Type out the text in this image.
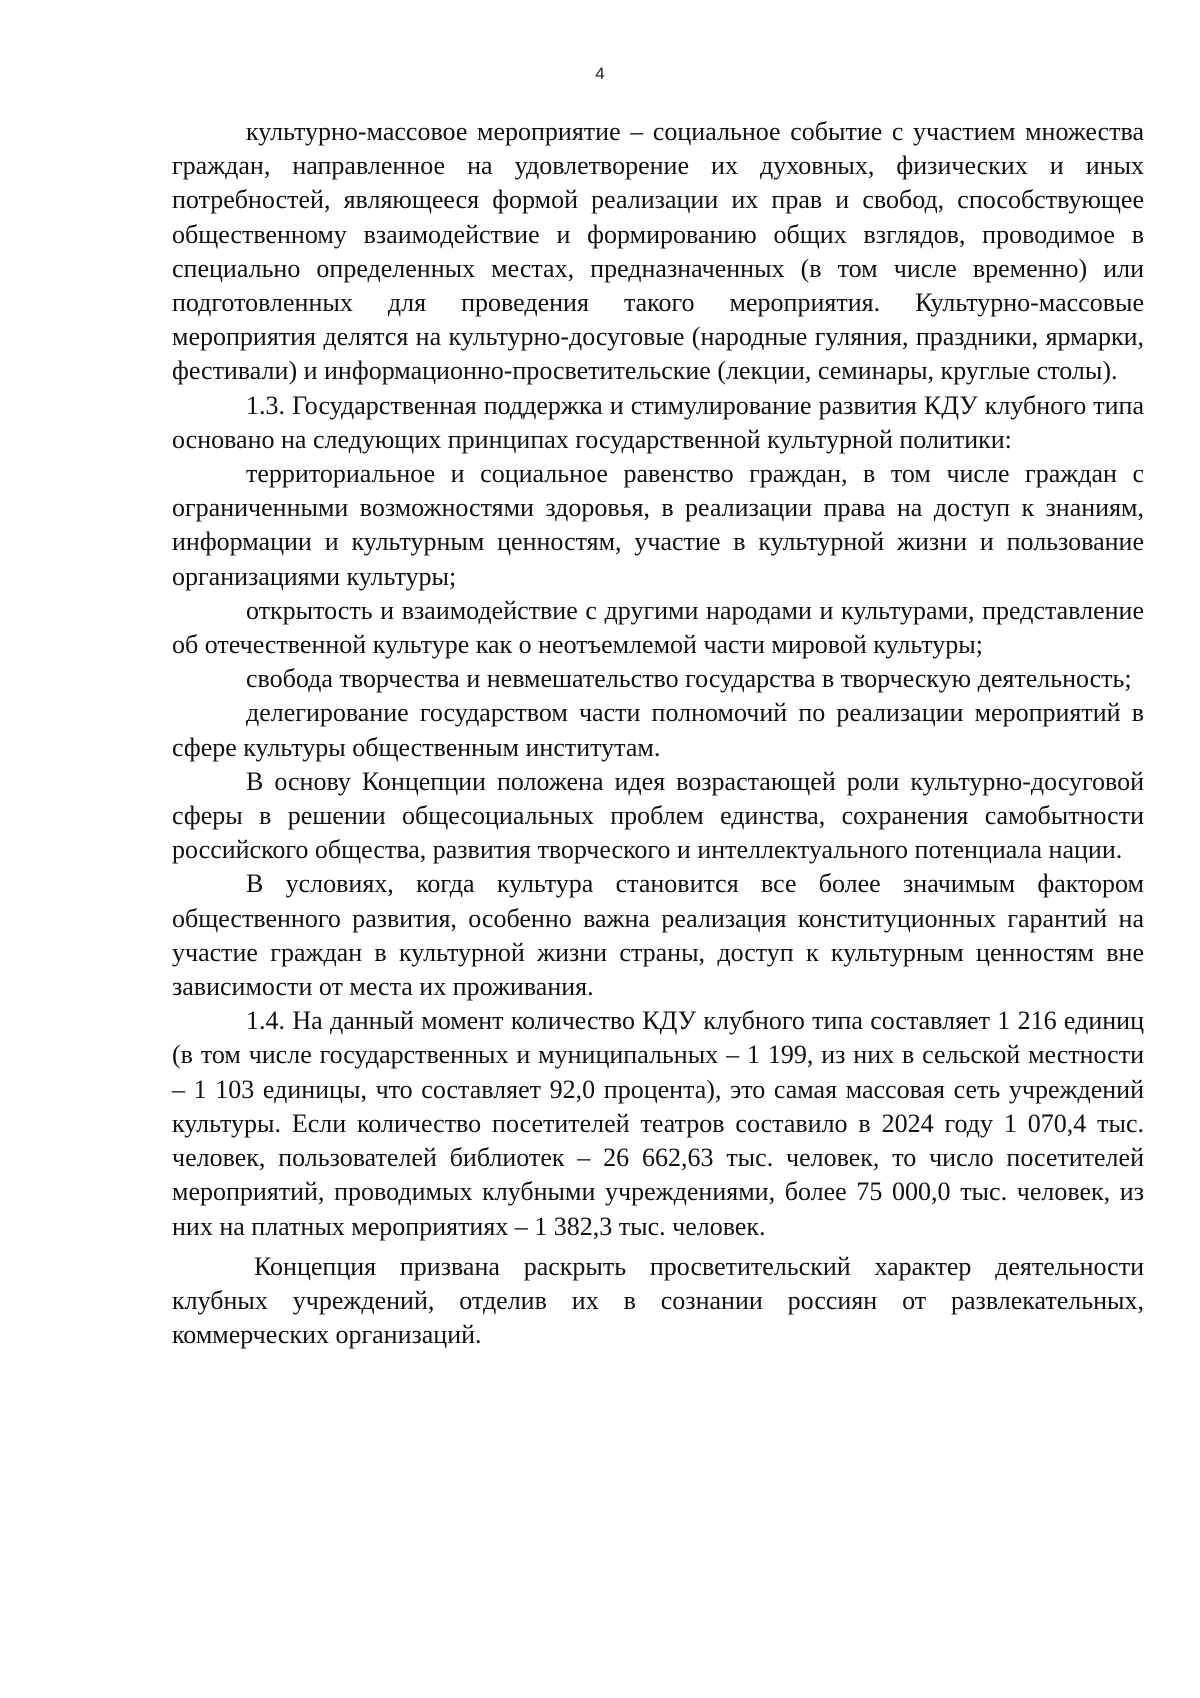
4

культурно-массовое мероприятие – социальное событие с участием множества граждан, направленное на удовлетворение их духовных, физических и иных потребностей, являющееся формой реализации их прав и свобод, способствующее общественному взаимодействие и формированию общих взглядов, проводимое в специально определенных местах, предназначенных (в том числе временно) или подготовленных для проведения такого мероприятия. Культурно-массовые мероприятия делятся на культурно-досуговые (народные гуляния, праздники, ярмарки, фестивали) и информационно-просветительские (лекции, семинары, круглые столы).

1.3. Государственная поддержка и стимулирование развития КДУ клубного типа основано на следующих принципах государственной культурной политики:

территориальное и социальное равенство граждан, в том числе граждан с ограниченными возможностями здоровья, в реализации права на доступ к знаниям, информации и культурным ценностям, участие в культурной жизни и пользование организациями культуры;

открытость и взаимодействие с другими народами и культурами, представление об отечественной культуре как о неотъемлемой части мировой культуры;

свобода творчества и невмешательство государства в творческую деятельность;

делегирование государством части полномочий по реализации мероприятий в сфере культуры общественным институтам.

В основу Концепции положена идея возрастающей роли культурно-досуговой сферы в решении общесоциальных проблем единства, сохранения самобытности российского общества, развития творческого и интеллектуального потенциала нации.

В условиях, когда культура становится все более значимым фактором общественного развития, особенно важна реализация конституционных гарантий на участие граждан в культурной жизни страны, доступ к культурным ценностям вне зависимости от места их проживания.

1.4. На данный момент количество КДУ клубного типа составляет 1 216 единиц (в том числе государственных и муниципальных – 1 199, из них в сельской местности – 1 103 единицы, что составляет 92,0 процента), это самая массовая сеть учреждений культуры. Если количество посетителей театров составило в 2024 году 1 070,4 тыс. человек, пользователей библиотек – 26 662,63 тыс. человек, то число посетителей мероприятий, проводимых клубными учреждениями, более 75 000,0 тыс. человек, из них на платных мероприятиях – 1 382,3 тыс. человек.

Концепция призвана раскрыть просветительский характер деятельности клубных учреждений, отделив их в сознании россиян от развлекательных, коммерческих организаций.
